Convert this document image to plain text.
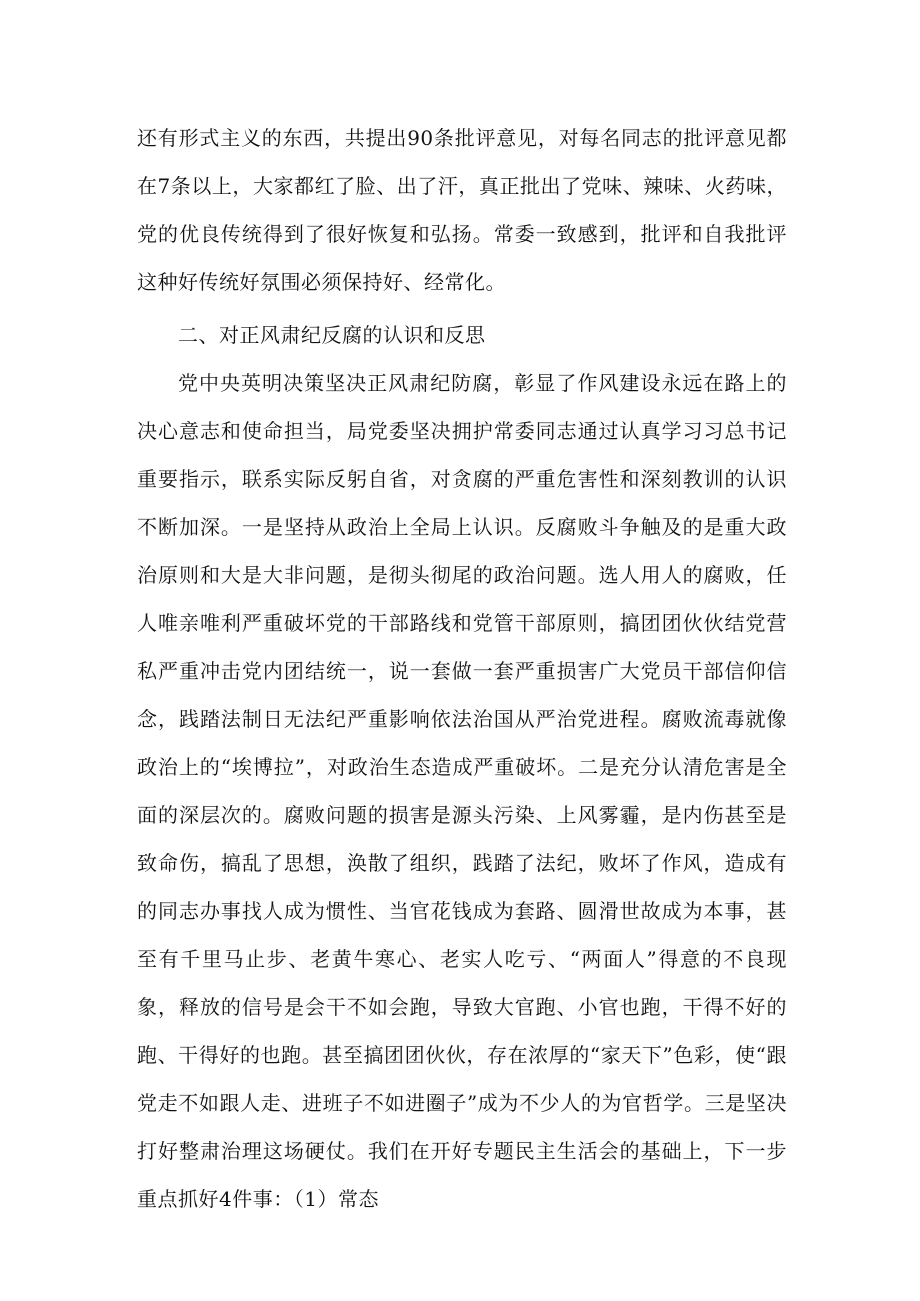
还有形式主义的东西，共提出90条批评意见，对每名同志的批评意见都在7条以上，大家都红了脸、出了汗，真正批出了党味、辣味、火药味，党的优良传统得到了很好恢复和弘扬。常委一致感到，批评和自我批评这种好传统好氛围必须保持好、经常化。

二、对正风肃纪反腐的认识和反思

党中央英明决策坚决正风肃纪防腐，彰显了作风建设永远在路上的决心意志和使命担当，局党委坚决拥护常委同志通过认真学习习总书记重要指示，联系实际反躬自省，对贪腐的严重危害性和深刻教训的认识不断加深。一是坚持从政治上全局上认识。反腐败斗争触及的是重大政治原则和大是大非问题，是彻头彻尾的政治问题。选人用人的腐败，任人唯亲唯利严重破坏党的干部路线和党管干部原则，搞团团伙伙结党营私严重冲击党内团结统一，说一套做一套严重损害广大党员干部信仰信念，践踏法制日无法纪严重影响依法治国从严治党进程。腐败流毒就像政治上的“埃博拉”，对政治生态造成严重破坏。二是充分认清危害是全面的深层次的。腐败问题的损害是源头污染、上风雾霾，是内伤甚至是致命伤，搞乱了思想，涣散了组织，践踏了法纪，败坏了作风，造成有的同志办事找人成为惯性、当官花钱成为套路、圆滑世故成为本事，甚至有千里马止步、老黄牛寒心、老实人吃亏、“两面人”得意的不良现象，释放的信号是会干不如会跑，导致大官跑、小官也跑，干得不好的跑、干得好的也跑。甚至搞团团伙伙，存在浓厚的“家天下”色彩，使“跟党走不如跟人走、进班子不如进圈子”成为不少人的为官哲学。三是坚决打好整肃治理这场硬仗。我们在开好专题民主生活会的基础上，下一步重点抓好4件事：（1）常态
